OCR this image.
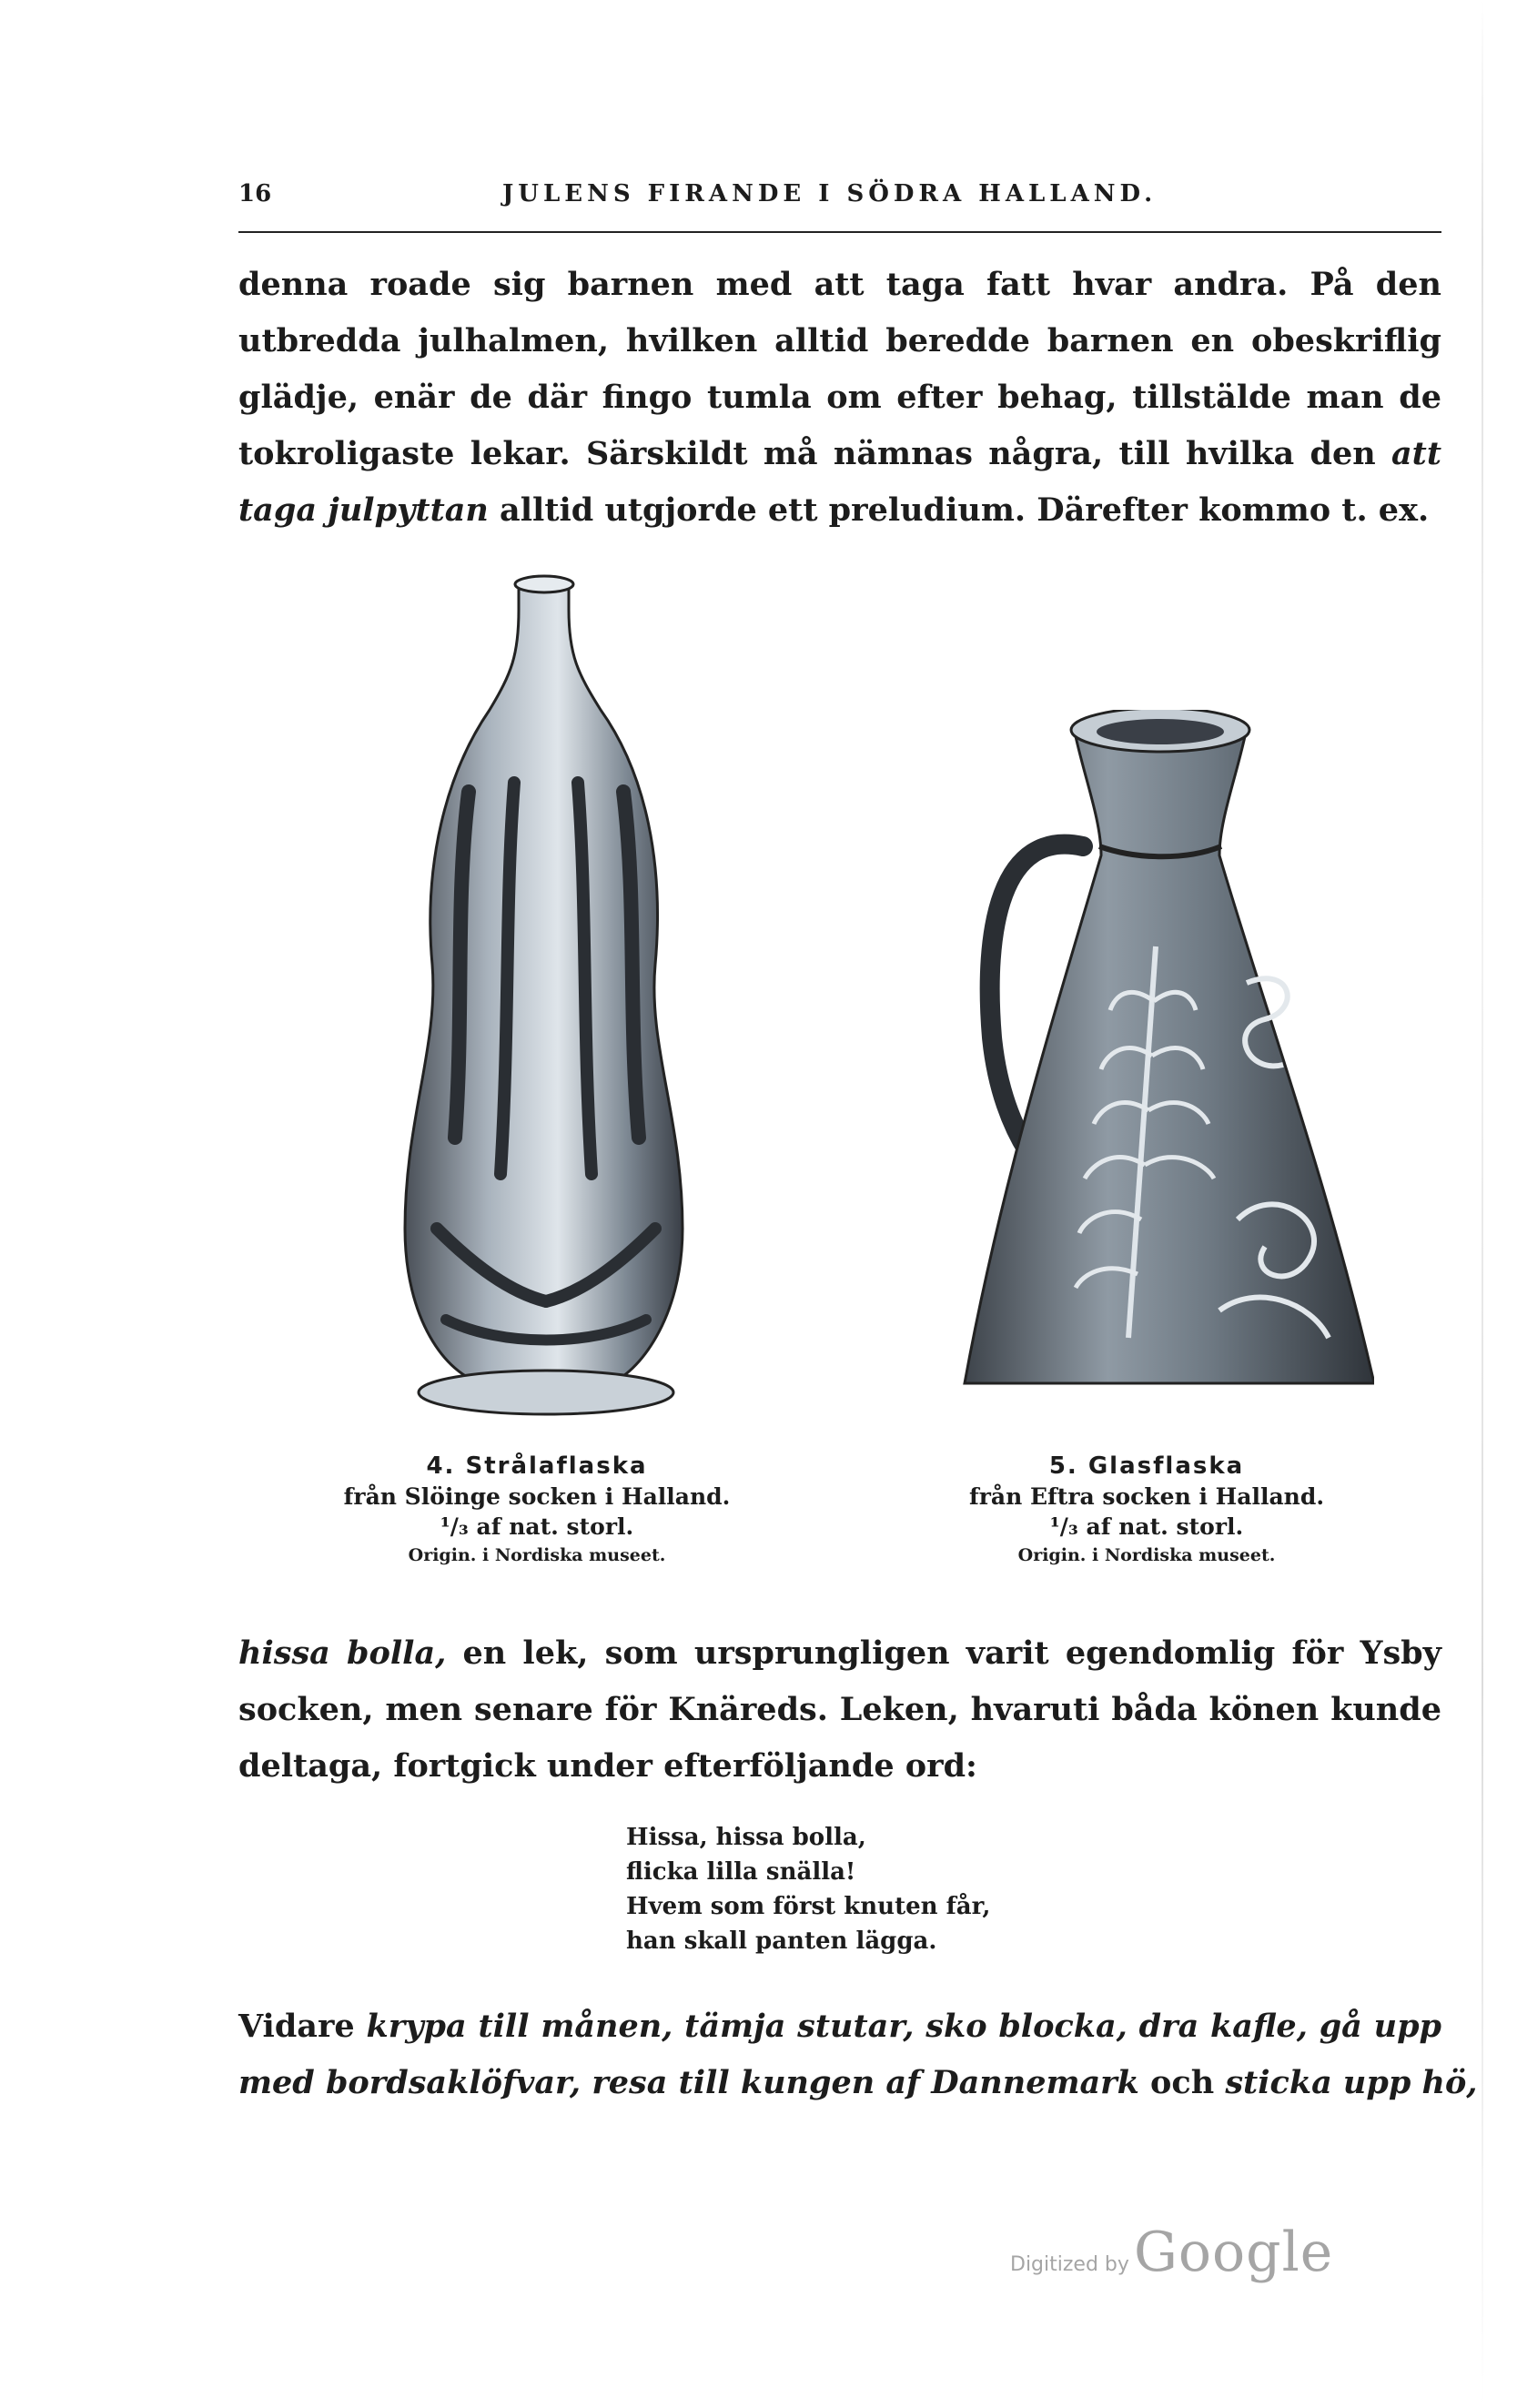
16	JULENS FIRANDE I SÖDRA HALLAND.
denna roade sig barnen med att taga fatt hvar andra. På den
utbredda julhalmen, hvilken alltid beredde barnen en obeskriflig
glädje, enär de där fingo tumla om efter behag, tillstälde man de
tokroligaste lekar. Särskildt må nämnas några, till hvilka den att
taga julpyttan alltid utgjorde ett preludium. Därefter kommo t. ex.
4. Strålaflaska
från Slöinge socken i Halland.
¹/₃ af nat. storl.
Origin. i Nordiska museet.
5. Glasflaska
från Eftra socken i Halland.
¹/₃ af nat. storl.
Origin. i Nordiska museet.
hissa bolla, en lek, som ursprungligen varit egendomlig för Ysby
socken, men senare för Knäreds. Leken, hvaruti båda könen kunde
deltaga, fortgick under efterföljande ord:
Hissa, hissa bolla,
flicka lilla snälla!
Hvem som först knuten får,
han skall panten lägga.
Vidare krypa till månen, tämja stutar, sko blocka, dra kafle, gå upp
med bordsaklöfvar, resa till kungen af Dannemark och sticka upp hö,
Digitized by Google
